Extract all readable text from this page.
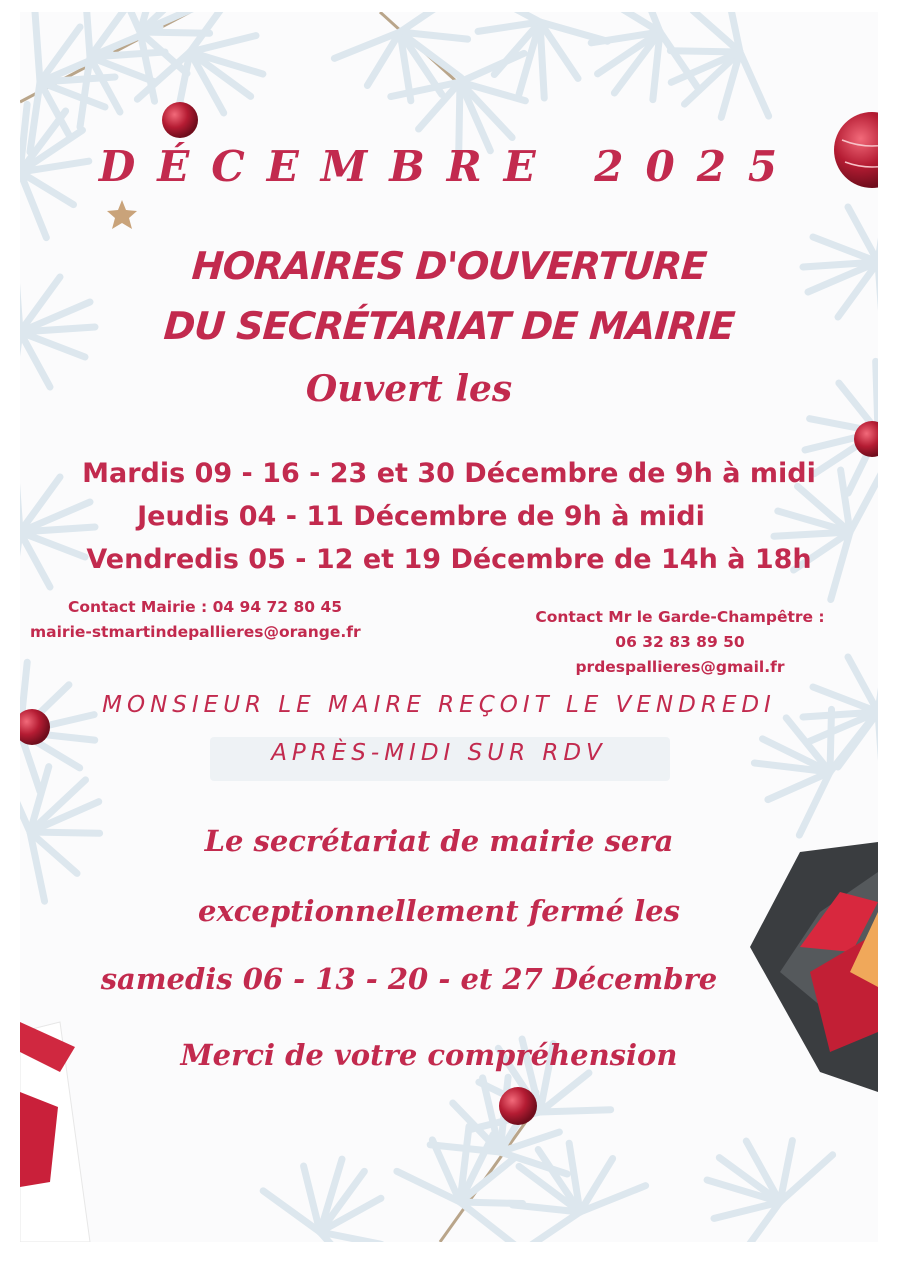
DÉCEMBRE 2025
HORAIRES D'OUVERTURE
DU SECRÉTARIAT DE MAIRIE
Ouvert les
Mardis 09 - 16 - 23 et 30 Décembre de 9h à midi
Jeudis 04 - 11 Décembre de 9h à midi
Vendredis 05 - 12 et 19 Décembre de 14h à 18h
Contact Mairie : 04 94 72 80 45
mairie-stmartindepallieres@orange.fr
Contact Mr le Garde-Champêtre :
06 32 83 89 50
prdespallieres@gmail.fr
MONSIEUR LE MAIRE REÇOIT LE VENDREDI
APRÈS-MIDI SUR RDV
Le secrétariat de mairie sera
exceptionnellement fermé les
samedis 06 - 13 - 20 - et 27 Décembre
Merci de votre compréhension
